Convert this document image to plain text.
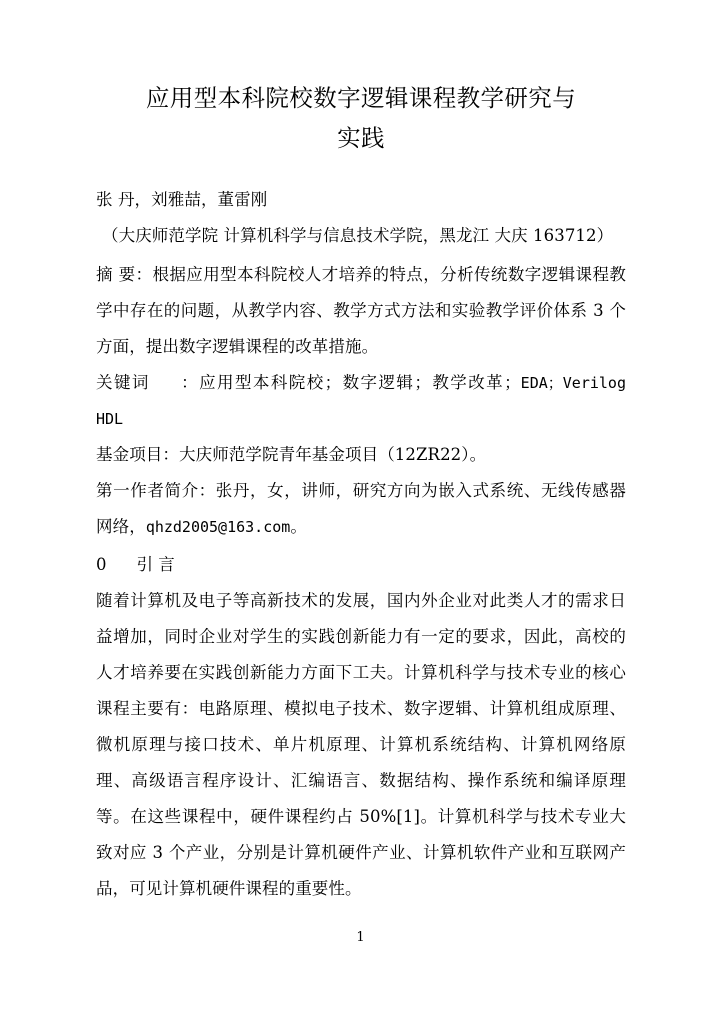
应用型本科院校数字逻辑课程教学研究与
实践
张 丹，刘雅喆，董雷刚
（大庆师范学院 计算机科学与信息技术学院，黑龙江 大庆 163712）
摘 要：根据应用型本科院校人才培养的特点，分析传统数字逻辑课程教学中存在的问题，从教学内容、教学方式方法和实验教学评价体系 3 个方面，提出数字逻辑课程的改革措施。
关键词 ：应用型本科院校；数字逻辑；教学改革；EDA；Verilog HDL
基金项目：大庆师范学院青年基金项目（12ZR22）。
第一作者简介：张丹，女，讲师，研究方向为嵌入式系统、无线传感器网络，qhzd2005@163.com。
0 引 言
随着计算机及电子等高新技术的发展，国内外企业对此类人才的需求日益增加，同时企业对学生的实践创新能力有一定的要求，因此，高校的人才培养要在实践创新能力方面下工夫。计算机科学与技术专业的核心课程主要有：电路原理、模拟电子技术、数字逻辑、计算机组成原理、微机原理与接口技术、单片机原理、计算机系统结构、计算机网络原理、高级语言程序设计、汇编语言、数据结构、操作系统和编译原理等。在这些课程中，硬件课程约占 50%[1]。计算机科学与技术专业大致对应 3 个产业，分别是计算机硬件产业、计算机软件产业和互联网产品，可见计算机硬件课程的重要性。
1
